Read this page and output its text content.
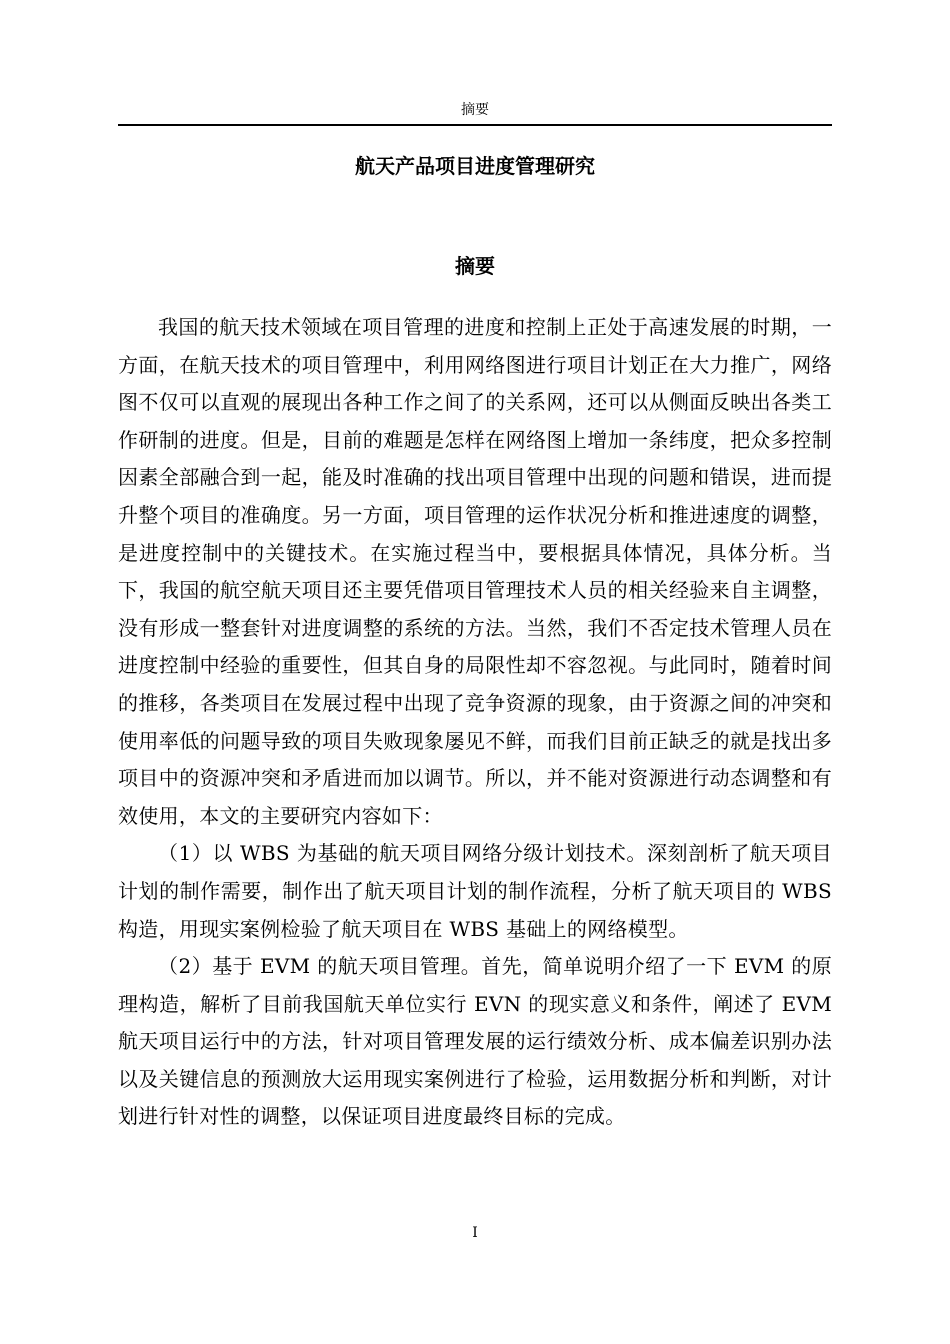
摘要
航天产品项目进度管理研究
摘要

我国的航天技术领域在项目管理的进度和控制上正处于高速发展的时期，一方面，在航天技术的项目管理中，利用网络图进行项目计划正在大力推广，网络图不仅可以直观的展现出各种工作之间了的关系网，还可以从侧面反映出各类工作研制的进度。但是，目前的难题是怎样在网络图上增加一条纬度，把众多控制因素全部融合到一起，能及时准确的找出项目管理中出现的问题和错误，进而提升整个项目的准确度。另一方面，项目管理的运作状况分析和推进速度的调整，是进度控制中的关键技术。在实施过程当中，要根据具体情况，具体分析。当下，我国的航空航天项目还主要凭借项目管理技术人员的相关经验来自主调整，没有形成一整套针对进度调整的系统的方法。当然，我们不否定技术管理人员在进度控制中经验的重要性，但其自身的局限性却不容忽视。与此同时，随着时间的推移，各类项目在发展过程中出现了竞争资源的现象，由于资源之间的冲突和使用率低的问题导致的项目失败现象屡见不鲜，而我们目前正缺乏的就是找出多项目中的资源冲突和矛盾进而加以调节。所以，并不能对资源进行动态调整和有效使用，本文的主要研究内容如下：

（1）以 WBS 为基础的航天项目网络分级计划技术。深刻剖析了航天项目计划的制作需要，制作出了航天项目计划的制作流程，分析了航天项目的 WBS 构造，用现实案例检验了航天项目在 WBS 基础上的网络模型。

（2）基于 EVM 的航天项目管理。首先，简单说明介绍了一下 EVM 的原理构造，解析了目前我国航天单位实行 EVN 的现实意义和条件，阐述了 EVM 航天项目运行中的方法，针对项目管理发展的运行绩效分析、成本偏差识别办法以及关键信息的预测放大运用现实案例进行了检验，运用数据分析和判断，对计划进行针对性的调整，以保证项目进度最终目标的完成。

I
